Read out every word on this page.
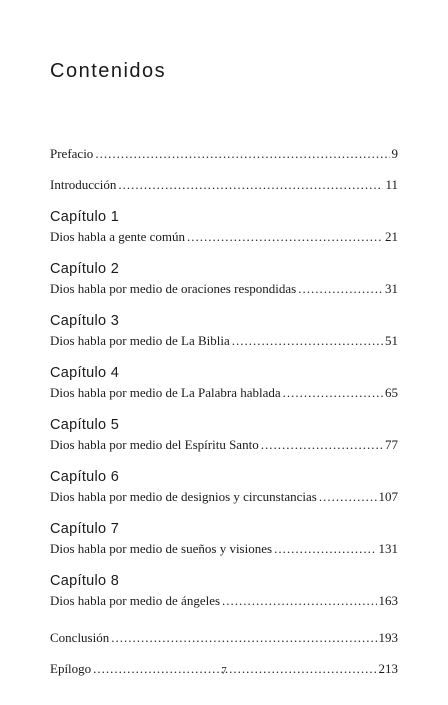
Contenidos
Prefacio .....	9
Introducción .....	11
Capítulo 1
Dios habla a gente común .....	21
Capítulo 2
Dios habla por medio de oraciones respondidas .....	31
Capítulo 3
Dios habla por medio de La Biblia .....	51
Capítulo 4
Dios habla por medio de La Palabra hablada .....	65
Capítulo 5
Dios habla por medio del Espíritu Santo .....	77
Capítulo 6
Dios habla por medio de designios y circunstancias .....	107
Capítulo 7
Dios habla por medio de sueños y visiones .....	131
Capítulo 8
Dios habla por medio de ángeles .....	163
Conclusión .....	193
Epílogo .....	213
7
